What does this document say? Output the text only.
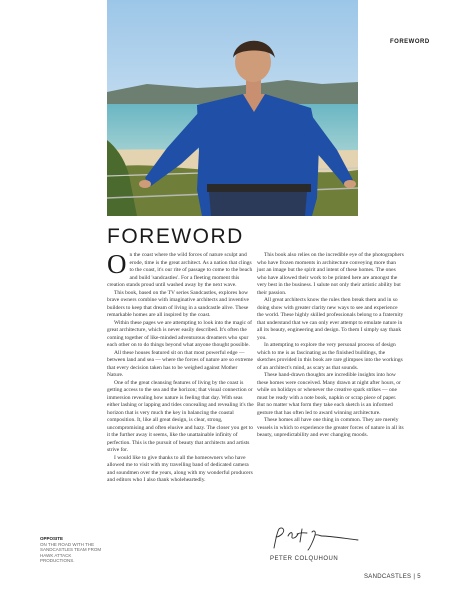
FOREWORD
FOREWORD

On the coast where the wild forces of nature sculpt and erode, time is the great architect. As a nation that clings to the coast, it's our rite of passage to come to the beach and build 'sandcastles'. For a fleeting moment this creation stands proud until washed away by the next wave.

This book, based on the TV series Sandcastles, explores how brave owners combine with imaginative architects and inventive builders to keep that dream of living in a sandcastle alive. These remarkable homes are all inspired by the coast.

Within these pages we are attempting to look into the magic of great architecture, which is never easily described. It's often the coming together of like-minded adventurous dreamers who spur each other on to do things beyond what anyone thought possible.

All these houses featured sit on that most powerful edge — between land and sea — where the forces of nature are so extreme that every decision taken has to be weighed against Mother Nature.

One of the great cleansing features of living by the coast is getting access to the sea and the horizon; that visual connection or immersion revealing how nature is feeling that day. With seas either lashing or lapping and tides concealing and revealing it's the horizon that is very much the key in balancing the coastal composition. It, like all great design, is clear, strong, uncompromising and often elusive and hazy. The closer you get to it the further away it seems, like the unattainable infinity of perfection. This is the pursuit of beauty that architects and artists strive for.

I would like to give thanks to all the homeowners who have allowed me to visit with my travelling band of dedicated camera and soundmen over the years, along with my wonderful producers and editors who I also thank wholeheartedly.

This book also relies on the incredible eye of the photographers who have frozen moments in architecture conveying more than just an image but the spirit and intent of these homes. The ones who have allowed their work to be printed here are amongst the very best in the business. I salute not only their artistic ability but their passion.

All great architects know the rules then break them and in so doing show with greater clarity new ways to see and experience the world. These highly skilled professionals belong to a fraternity that understand that we can only ever attempt to emulate nature in all its beauty, engineering and design. To them I simply say thank you.

In attempting to explore the very personal process of design which to me is as fascinating as the finished buildings, the sketches provided in this book are rare glimpses into the workings of an architect's mind, as scary as that sounds.

These hand-drawn thoughts are incredible insights into how these homes were conceived. Many drawn at night after hours, or while on holidays or whenever the creative spark strikes — one must be ready with a note book, napkin or scrap piece of paper. But no matter what form they take each sketch is an informed gesture that has often led to award winning architecture.

These homes all have one thing in common. They are merely vessels in which to experience the greater forces of nature in all its beauty, unpredictability and ever changing moods.

PETER COLQUHOUN
OPPOSITE
ON THE ROAD WITH THE SANDCASTLES TEAM FROM HAWK ATTACK PRODUCTIONS.
SANDCASTLES | 5
